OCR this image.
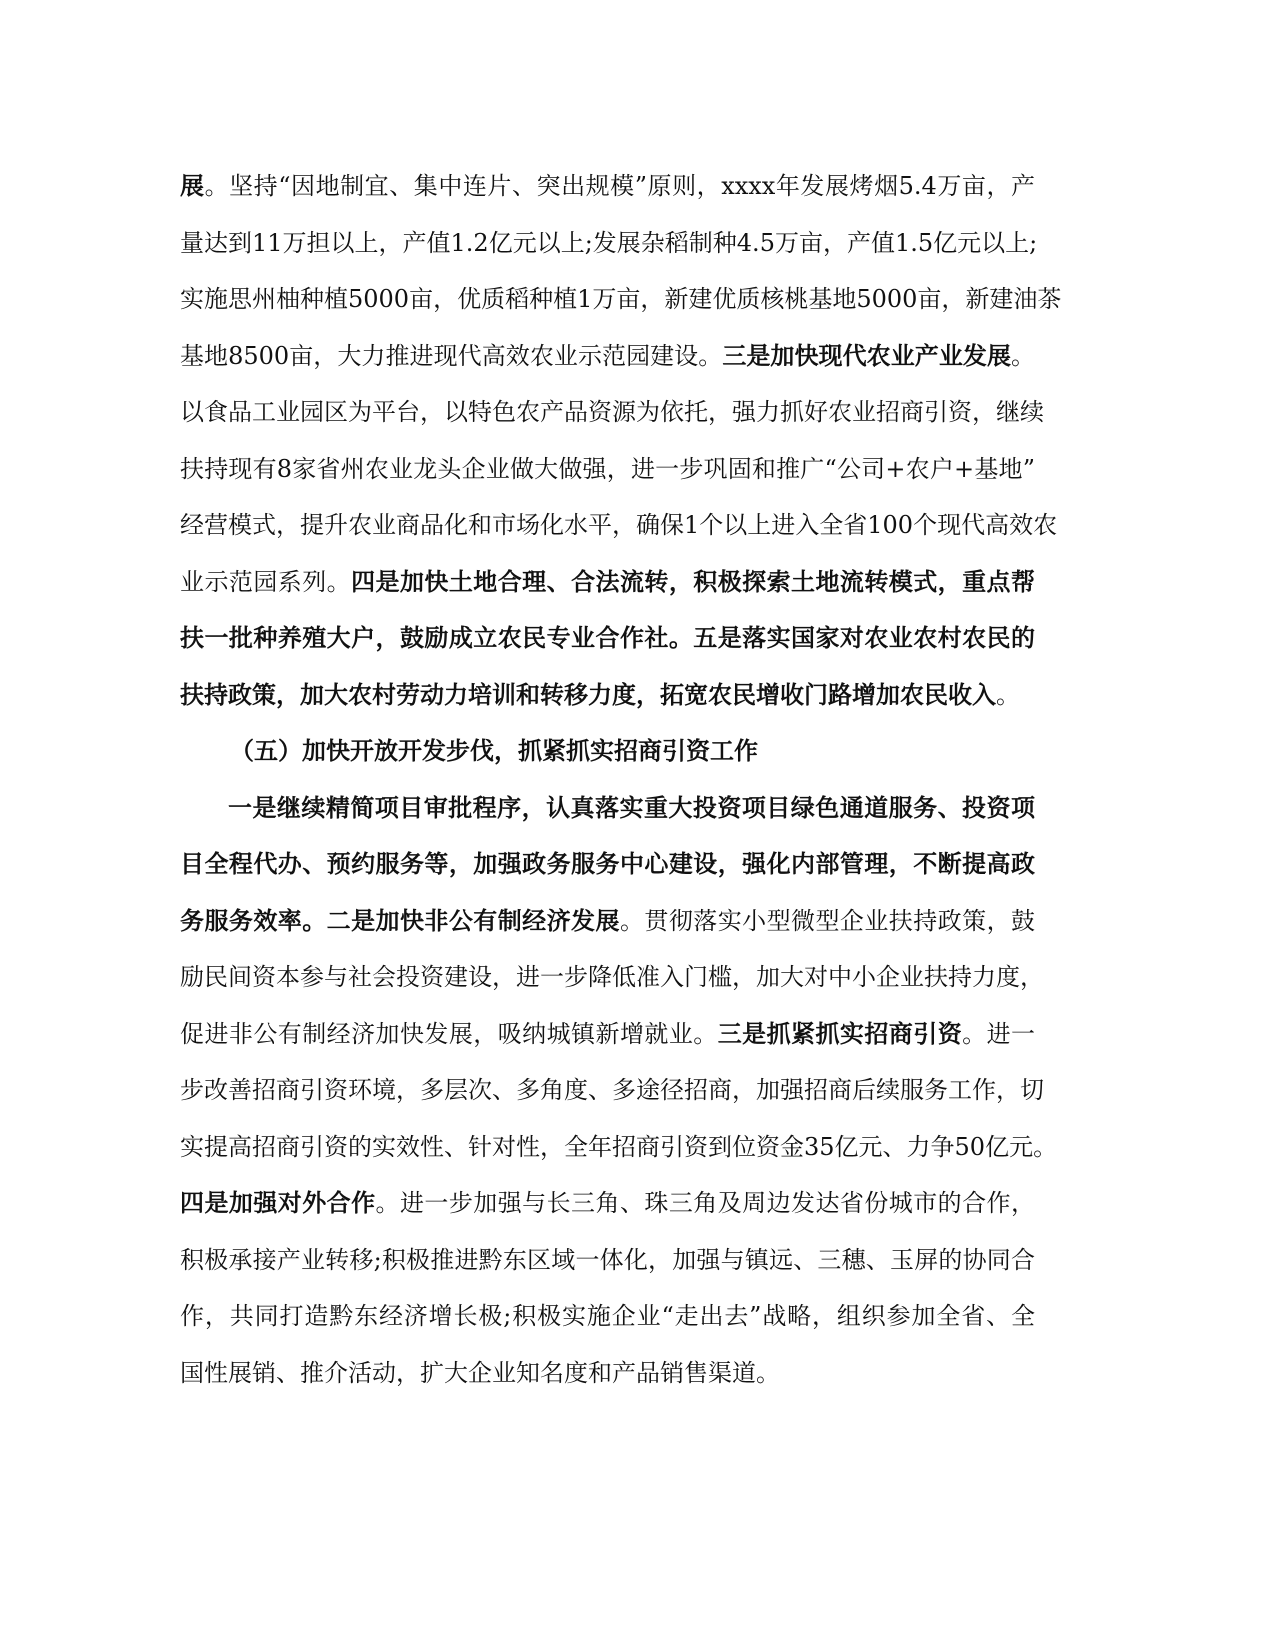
展。坚持“因地制宜、集中连片、突出规模”原则，xxxx年发展烤烟5.4万亩，产
量达到11万担以上，产值1.2亿元以上;发展杂稻制种4.5万亩，产值1.5亿元以上;
实施思州柚种植5000亩，优质稻种植1万亩，新建优质核桃基地5000亩，新建油茶
基地8500亩，大力推进现代高效农业示范园建设。三是加快现代农业产业发展。
以食品工业园区为平台，以特色农产品资源为依托，强力抓好农业招商引资，继续
扶持现有8家省州农业龙头企业做大做强，进一步巩固和推广“公司+农户+基地”
经营模式，提升农业商品化和市场化水平，确保1个以上进入全省100个现代高效农
业示范园系列。四是加快土地合理、合法流转，积极探索土地流转模式，重点帮
扶一批种养殖大户，鼓励成立农民专业合作社。五是落实国家对农业农村农民的
扶持政策，加大农村劳动力培训和转移力度，拓宽农民增收门路增加农民收入。
（五）加快开放开发步伐，抓紧抓实招商引资工作
一是继续精简项目审批程序，认真落实重大投资项目绿色通道服务、投资项
目全程代办、预约服务等，加强政务服务中心建设，强化内部管理，不断提高政
务服务效率。二是加快非公有制经济发展。贯彻落实小型微型企业扶持政策，鼓
励民间资本参与社会投资建设，进一步降低准入门槛，加大对中小企业扶持力度，
促进非公有制经济加快发展，吸纳城镇新增就业。三是抓紧抓实招商引资。进一
步改善招商引资环境，多层次、多角度、多途径招商，加强招商后续服务工作，切
实提高招商引资的实效性、针对性，全年招商引资到位资金35亿元、力争50亿元。
四是加强对外合作。进一步加强与长三角、珠三角及周边发达省份城市的合作，
积极承接产业转移;积极推进黔东区域一体化，加强与镇远、三穗、玉屏的协同合
作，共同打造黔东经济增长极;积极实施企业“走出去”战略，组织参加全省、全
国性展销、推介活动，扩大企业知名度和产品销售渠道。
